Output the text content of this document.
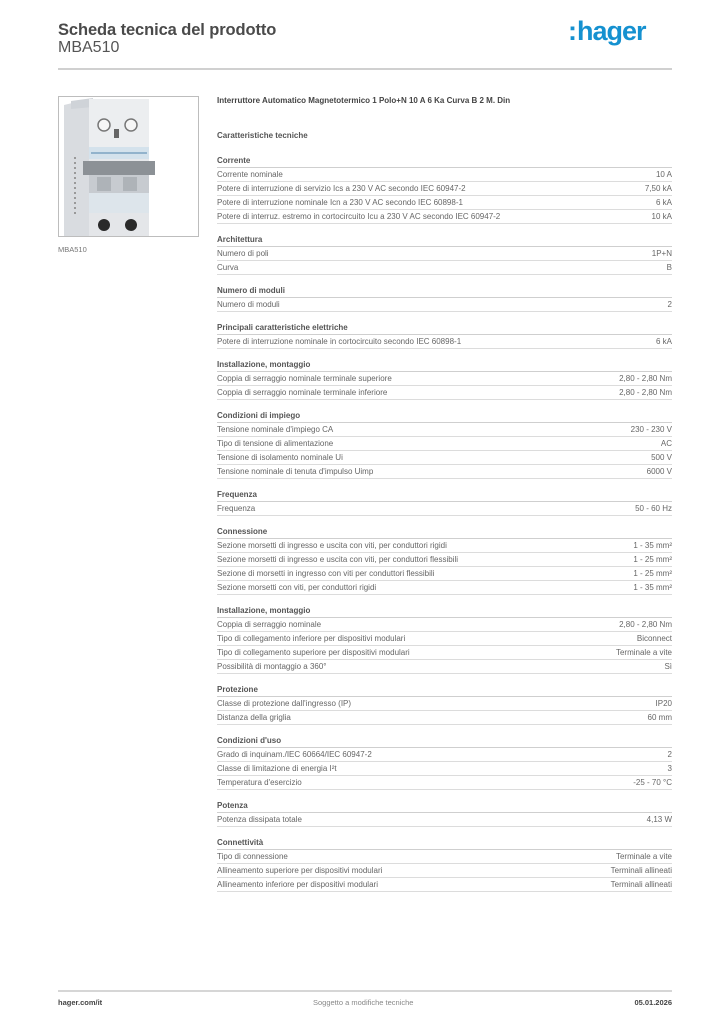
Scheda tecnica del prodotto
MBA510
:hager
MBA510
Interruttore Automatico Magnetotermico 1 Polo+N 10 A 6 Ka Curva B 2 M. Din
Caratteristiche tecniche
Corrente
Corrente nominale	10 A
Potere di interruzione di servizio Ics a 230 V AC secondo IEC 60947-2	7,50 kA
Potere di interruzione nominale Icn a 230 V AC secondo IEC 60898-1	6 kA
Potere di interruz. estremo in cortocircuito Icu a 230 V AC secondo IEC 60947-2	10 kA
Architettura
Numero di poli	1P+N
Curva	B
Numero di moduli
Numero di moduli	2
Principali caratteristiche elettriche
Potere di interruzione nominale in cortocircuito secondo IEC 60898-1	6 kA
Installazione, montaggio
Coppia di serraggio nominale terminale superiore	2,80 - 2,80 Nm
Coppia di serraggio nominale terminale inferiore	2,80 - 2,80 Nm
Condizioni di impiego
Tensione nominale d'impiego CA	230 - 230 V
Tipo di tensione di alimentazione	AC
Tensione di isolamento nominale Ui	500 V
Tensione nominale di tenuta d'impulso Uimp	6000 V
Frequenza
Frequenza	50 - 60 Hz
Connessione
Sezione morsetti di ingresso e uscita con viti, per conduttori rigidi	1 - 35 mm²
Sezione morsetti di ingresso e uscita con viti, per conduttori flessibili	1 - 25 mm²
Sezione di morsetti in ingresso con viti per conduttori flessibili	1 - 25 mm²
Sezione morsetti con viti, per conduttori rigidi	1 - 35 mm²
Installazione, montaggio
Coppia di serraggio nominale	2,80 - 2,80 Nm
Tipo di collegamento inferiore per dispositivi modulari	Biconnect
Tipo di collegamento superiore per dispositivi modulari	Terminale a vite
Possibilità di montaggio a 360°	Sì
Protezione
Classe di protezione dall'ingresso (IP)	IP20
Distanza della griglia	60 mm
Condizioni d'uso
Grado di inquinam./IEC 60664/IEC 60947-2	2
Classe di limitazione di energia I²t	3
Temperatura d'esercizio	-25 - 70 °C
Potenza
Potenza dissipata totale	4,13 W
Connettività
Tipo di connessione	Terminale a vite
Allineamento superiore per dispositivi modulari	Terminali allineati
Allineamento inferiore per dispositivi modulari	Terminali allineati
hager.com/it	Soggetto a modifiche tecniche	05.01.2026
